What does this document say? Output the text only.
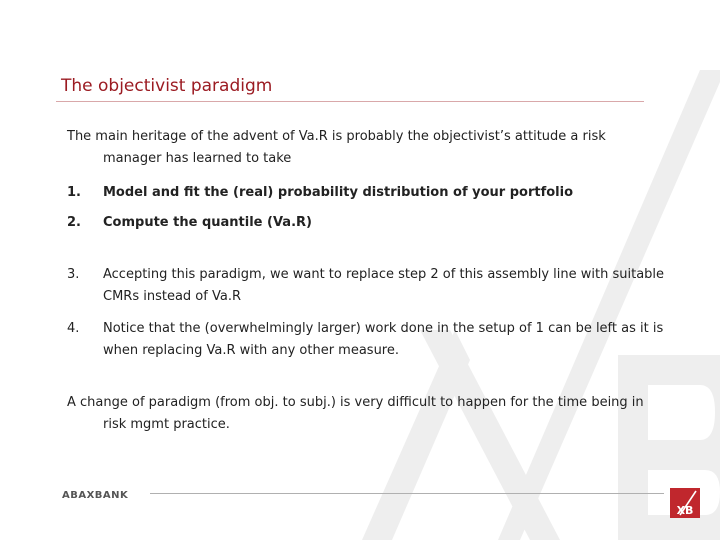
The objectivist paradigm

The main heritage of the advent of Va.R is probably the objectivist’s attitude a risk manager has learned to take

1. Model and fit the (real) probability distribution of your portfolio
2. Compute the quantile (Va.R)
3. Accepting this paradigm, we want to replace step 2 of this assembly line with suitable CMRs instead of Va.R
4. Notice that the (overwhelmingly larger) work done in the setup of 1 can be left as it is when replacing Va.R with any other measure.

A change of paradigm (from obj. to subj.) is very difficult to happen for the time being in risk mgmt practice.

ABAXBANK
XB
